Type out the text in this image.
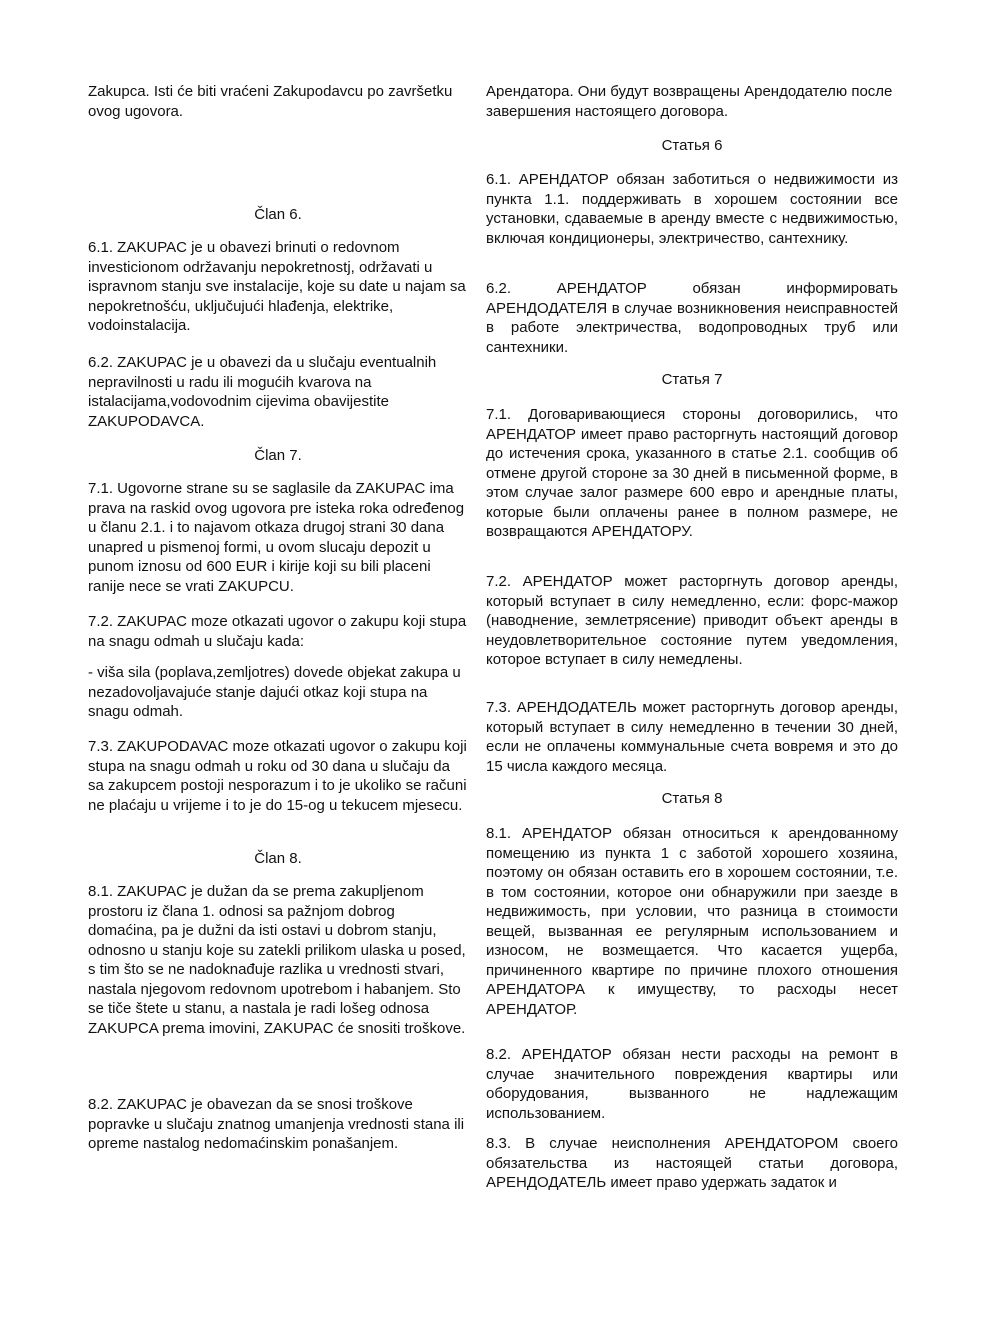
Zakupca. Isti će biti vraćeni Zakupodavcu po završetku ovog ugovora.

Član 6.

6.1. ZAKUPAC je u obavezi brinuti o redovnom investicionom održavanju nepokretnostj, održavati u ispravnom stanju sve instalacije, koje su date u najam sa nepokretnošću, uključujući hlađenja, elektrike, vodoinstalacija.

6.2. ZAKUPAC je u obavezi da u slučaju eventualnih nepravilnosti u radu ili mogućih kvarova na istalacijama,vodovodnim cijevima obavijestite ZAKUPODAVCA.

Član 7.

7.1. Ugovorne strane su se saglasile da ZAKUPAC ima prava na raskid ovog ugovora pre isteka roka određenog u članu 2.1. i to najavom otkaza drugoj strani 30 dana unapred u pismenoj formi, u ovom slucaju depozit u punom iznosu od 600 EUR i kirije koji su bili placeni ranije nece se vrati ZAKUPCU.

7.2. ZAKUPAC moze otkazati ugovor o zakupu koji stupa na snagu odmah u slučaju kada:

- viša sila (poplava,zemljotres) dovede objekat zakupa u nezadovoljavajuće stanje dajući otkaz koji stupa na snagu odmah.

7.3. ZAKUPODAVAC moze otkazati ugovor o zakupu koji stupa na snagu odmah u roku od 30 dana u slučaju da sa zakupcem postoji nesporazum i to je ukoliko se računi ne plaćaju u vrijeme i to je do 15-og u tekucem mjesecu.

Član 8.

8.1. ZAKUPAC je dužan da se prema zakupljenom prostoru iz člana 1. odnosi sa pažnjom dobrog domaćina, pa je dužni da isti ostavi u dobrom stanju, odnosno u stanju koje su zatekli prilikom ulaska u posed, s tim što se ne nadoknađuje razlika u vrednosti stvari, nastala njegovom redovnom upotrebom i habanjem. Sto se tiče štete u stanu, a nastala je radi lošeg odnosa ZAKUPCA prema imovini, ZAKUPAC će snositi troškove.

8.2. ZAKUPAC je obavezan da se snosi troškove popravke u slučaju znatnog umanjenja vrednosti stana ili opreme nastalog nedomaćinskim ponašanjem.

Арендатора. Они будут возвращены Арендодателю после завершения настоящего договора.

Статья 6

6.1. АРЕНДАТОР обязан заботиться о недвижимости из пункта 1.1. поддерживать в хорошем состоянии все установки, сдаваемые в аренду вместе с недвижимостью, включая кондиционеры, электричество, сантехнику.

6.2. АРЕНДАТОР обязан информировать АРЕНДОДАТЕЛЯ в случае возникновения неисправностей в работе электричества, водопроводных труб или сантехники.

Статья 7

7.1. Договаривающиеся стороны договорились, что АРЕНДАТОР имеет право расторгнуть настоящий договор до истечения срока, указанного в статье 2.1. сообщив об отмене другой стороне за 30 дней в письменной форме, в этом случае залог размере 600 евро и арендные платы, которые были оплачены ранее в полном размере, не возвращаются АРЕНДАТОРУ.

7.2. АРЕНДАТОР может расторгнуть договор аренды, который вступает в силу немедленно, если: форс-мажор (наводнение, землетрясение) приводит объект аренды в неудовлетворительное состояние путем уведомления, которое вступает в силу немедлены.

7.3. АРЕНДОДАТЕЛЬ может расторгнуть договор аренды, который вступает в силу немедленно в течении 30 дней, если не оплачены коммунальные счета вовремя и это до 15 числа каждого месяца.

Статья 8

8.1. АРЕНДАТОР обязан относиться к арендованному помещению из пункта 1 с заботой хорошего хозяина, поэтому он обязан оставить его в хорошем состоянии, т.е. в том состоянии, которое они обнаружили при заезде в недвижимость, при условии, что разница в стоимости вещей, вызванная ее регулярным использованием и износом, не возмещается. Что касается ущерба, причиненного квартире по причине плохого отношения АРЕНДАТОРА к имуществу, то расходы несет АРЕНДАТОР.

8.2. АРЕНДАТОР обязан нести расходы на ремонт в случае значительного повреждения квартиры или оборудования, вызванного не надлежащим использованием.

8.3. В случае неисполнения АРЕНДАТОРОМ своего обязательства из настоящей статьи договора, АРЕНДОДАТЕЛЬ имеет право удержать задаток и
